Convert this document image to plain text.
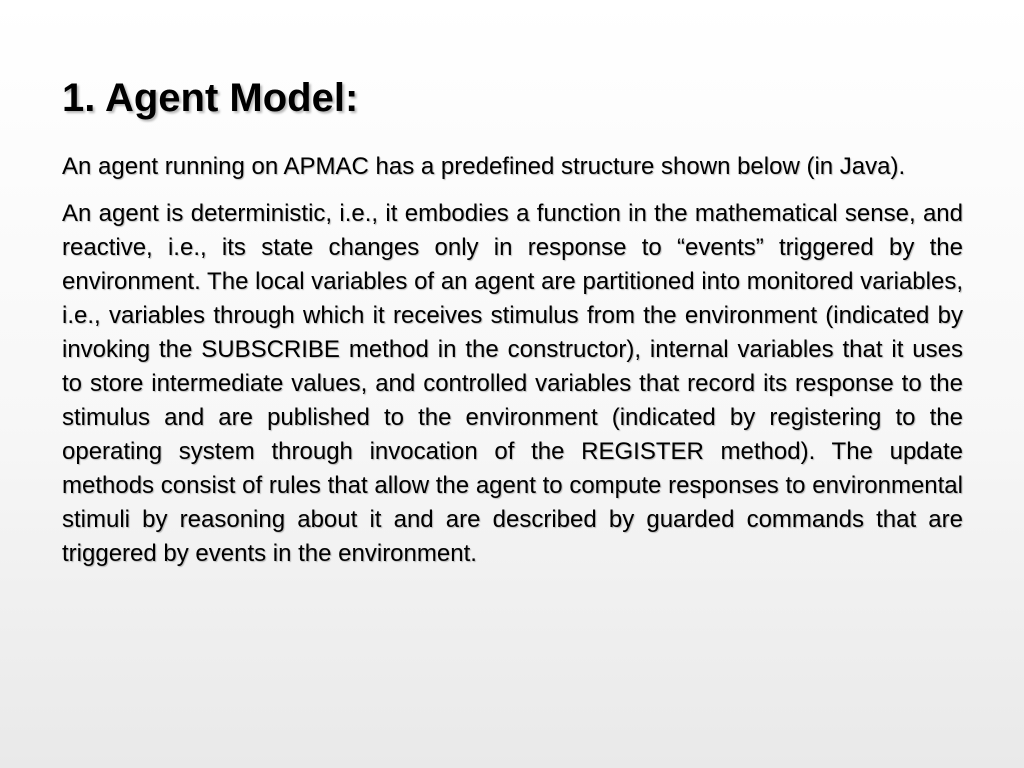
1. Agent Model:

An agent running on APMAC has a predefined structure shown below (in Java).

An agent is deterministic, i.e., it embodies a function in the mathematical sense, and reactive, i.e., its state changes only in response to “events” triggered by the environment. The local variables of an agent are partitioned into monitored variables, i.e., variables through which it receives stimulus from the environment (indicated by invoking the SUBSCRIBE method in the constructor), internal variables that it uses to store intermediate values, and controlled variables that record its response to the stimulus and are published to the environment (indicated by registering to the operating system through invocation of the REGISTER method). The update methods consist of rules that allow the agent to compute responses to environmental stimuli by reasoning about it and are described by guarded commands that are triggered by events in the environment.
